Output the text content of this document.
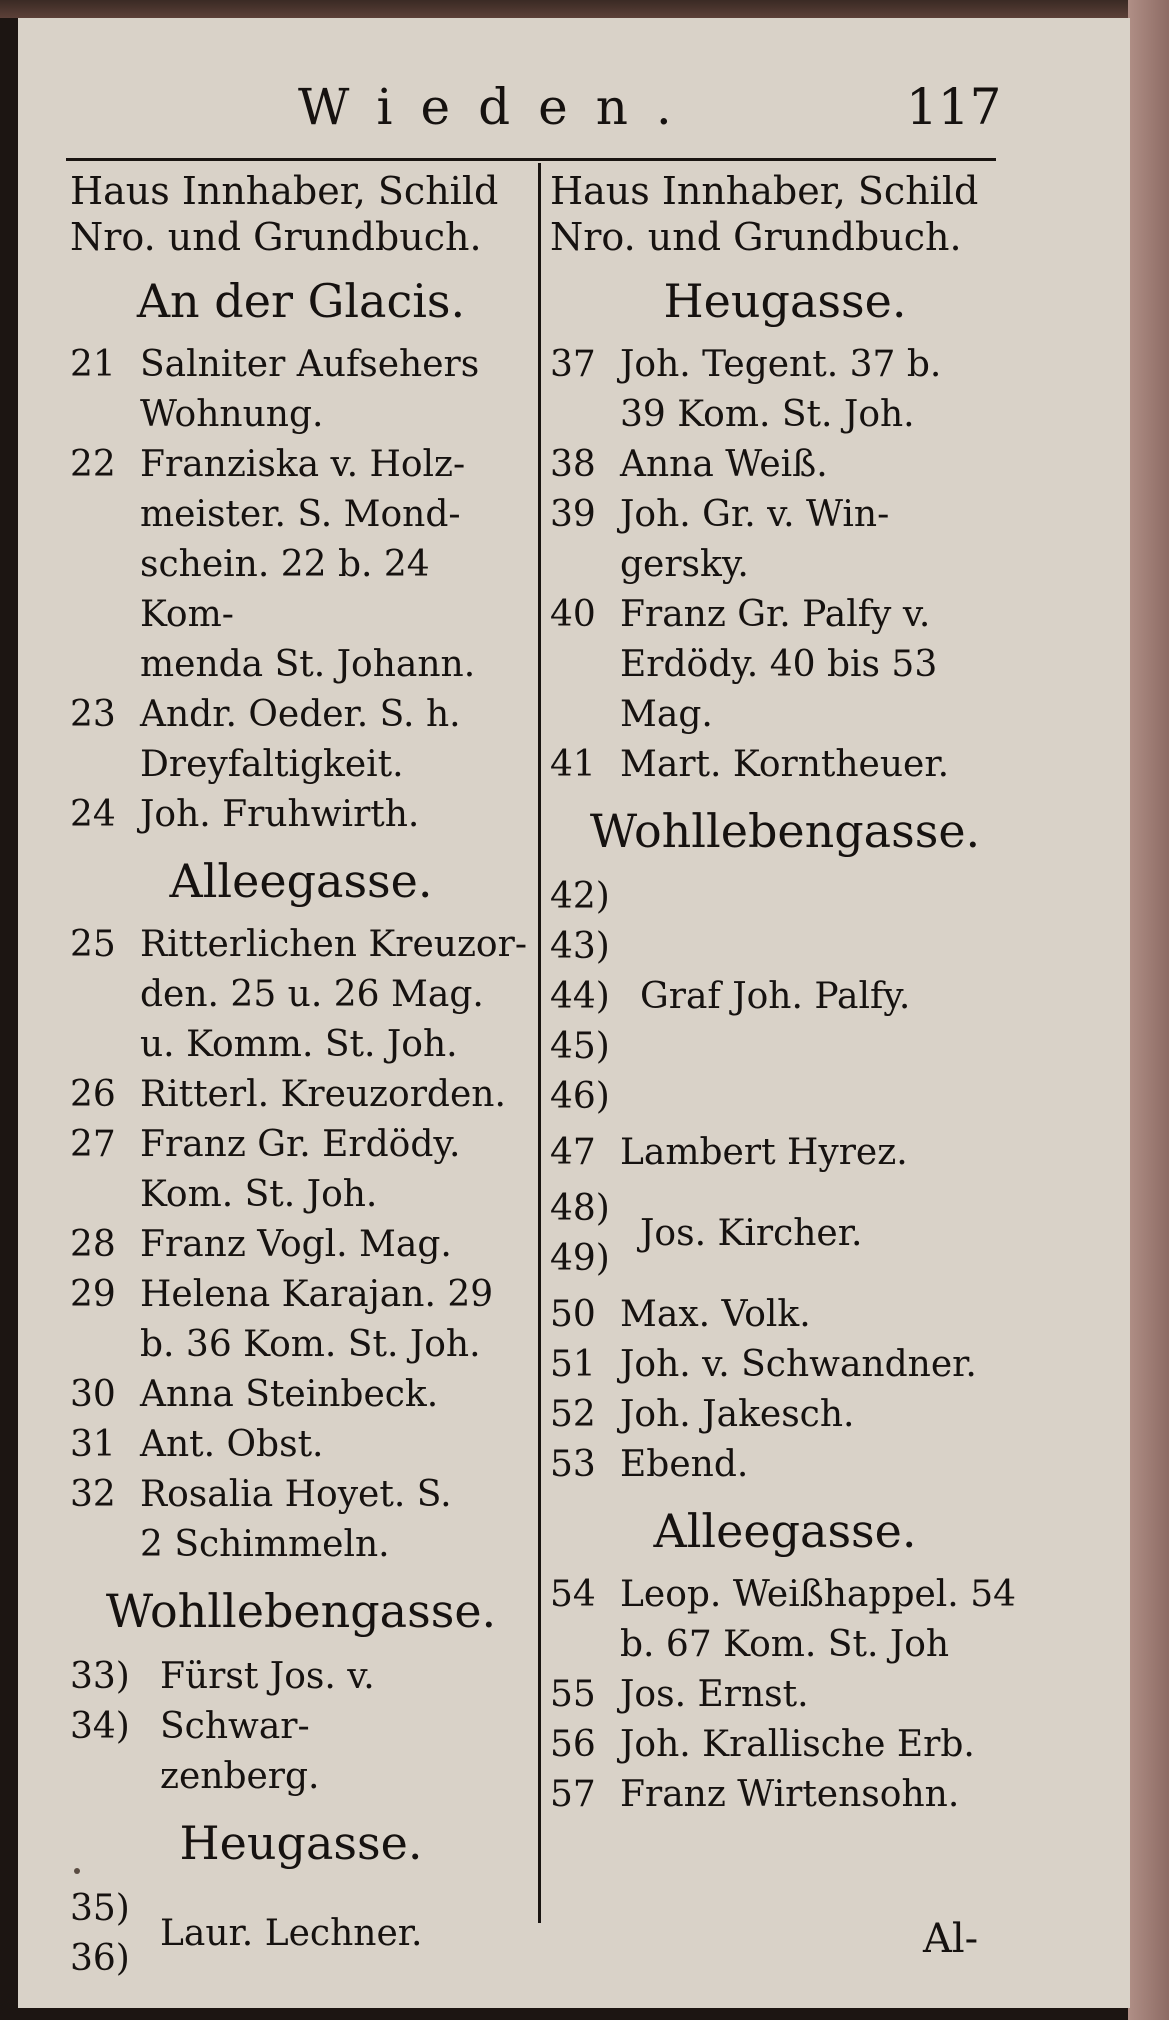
Wieden.	117
Haus Innhaber, Schild
Nro. und Grundbuch.
An der Glacis.
21 Salniter Aufsehers
Wohnung.
22 Franziska v. Holz-
meister. S. Mond-
schein. 22 b. 24 Kom-
menda St. Johann.
23 Andr. Oeder. S. h.
Dreyfaltigkeit.
24 Joh. Fruhwirth.
Alleegasse.
25 Ritterlichen Kreuzor-
den. 25 u. 26 Mag.
u. Komm. St. Joh.
26 Ritterl. Kreuzorden.
27 Franz Gr. Erdödy.
Kom. St. Joh.
28 Franz Vogl. Mag.
29 Helena Karajan. 29
b. 36 Kom. St. Joh.
30 Anna Steinbeck.
31 Ant. Obst.
32 Rosalia Hoyet. S.
2 Schimmeln.
Wohllebengasse.
33)
34)
Fürst Jos. v. Schwar-
zenberg.
Heugasse.
35)
36)
Laur. Lechner.
Haus Innhaber, Schild
Nro. und Grundbuch.
Heugasse.
37 Joh. Tegent. 37 b.
39 Kom. St. Joh.
38 Anna Weiß.
39 Joh. Gr. v. Win-
gersky.
40 Franz Gr. Palfy v.
Erdödy. 40 bis 53
Mag.
41 Mart. Korntheuer.
Wohllebengasse.
42)
43)
44)
45)
46)
Graf Joh. Palfy.
47 Lambert Hyrez.
48)
49)
Jos. Kircher.
50 Max. Volk.
51 Joh. v. Schwandner.
52 Joh. Jakesch.
53 Ebend.
Alleegasse.
54 Leop. Weißhappel. 54
b. 67 Kom. St. Joh
55 Jos. Ernst.
56 Joh. Krallische Erb.
57 Franz Wirtensohn.
Al-
